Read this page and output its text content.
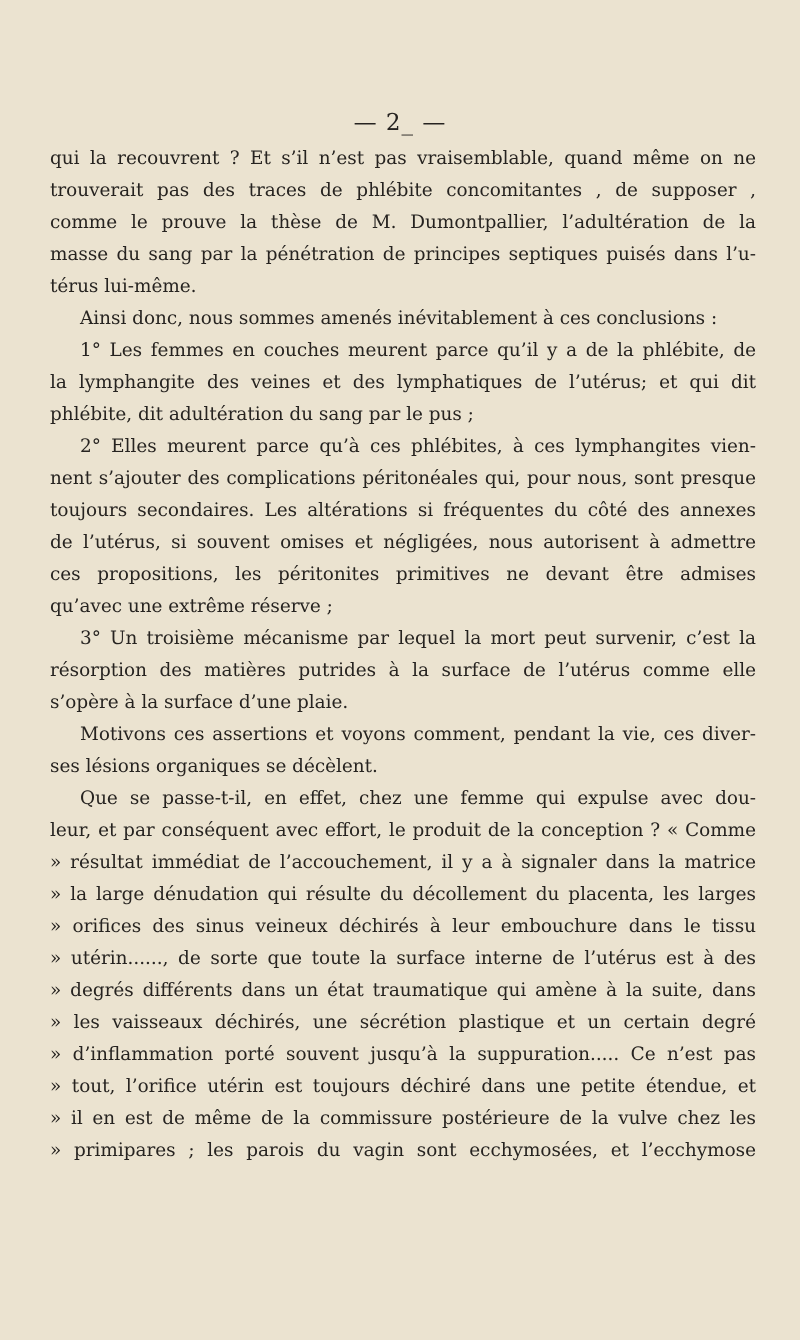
— 2_ —
qui la recouvrent ? Et s’il n’est pas vraisemblable, quand même on ne
trouverait pas des traces de phlébite concomitantes , de supposer ,
comme le prouve la thèse de M. Dumontpallier, l’adultération de la
masse du sang par la pénétration de principes septiques puisés dans l’u-
térus lui-même.
Ainsi donc, nous sommes amenés inévitablement à ces conclusions :
1° Les femmes en couches meurent parce qu’il y a de la phlébite, de
la lymphangite des veines et des lymphatiques de l’utérus; et qui dit
phlébite, dit adultération du sang par le pus ;
2° Elles meurent parce qu’à ces phlébites, à ces lymphangites vien-
nent s’ajouter des complications péritonéales qui, pour nous, sont presque
toujours secondaires. Les altérations si fréquentes du côté des annexes
de l’utérus, si souvent omises et négligées, nous autorisent à admettre
ces propositions, les péritonites primitives ne devant être admises
qu’avec une extrême réserve ;
3° Un troisième mécanisme par lequel la mort peut survenir, c’est la
résorption des matières putrides à la surface de l’utérus comme elle
s’opère à la surface d’une plaie.
Motivons ces assertions et voyons comment, pendant la vie, ces diver-
ses lésions organiques se décèlent.
Que se passe-t-il, en effet, chez une femme qui expulse avec dou-
leur, et par conséquent avec effort, le produit de la conception ? « Comme
» résultat immédiat de l’accouchement, il y a à signaler dans la matrice
» la large dénudation qui résulte du décollement du placenta, les larges
» orifices des sinus veineux déchirés à leur embouchure dans le tissu
» utérin......, de sorte que toute la surface interne de l’utérus est à des
» degrés différents dans un état traumatique qui amène à la suite, dans
» les vaisseaux déchirés, une sécrétion plastique et un certain degré
» d’inflammation porté souvent jusqu’à la suppuration..... Ce n’est pas
» tout, l’orifice utérin est toujours déchiré dans une petite étendue, et
» il en est de même de la commissure postérieure de la vulve chez les
» primipares ; les parois du vagin sont ecchymosées, et l’ecchymose
